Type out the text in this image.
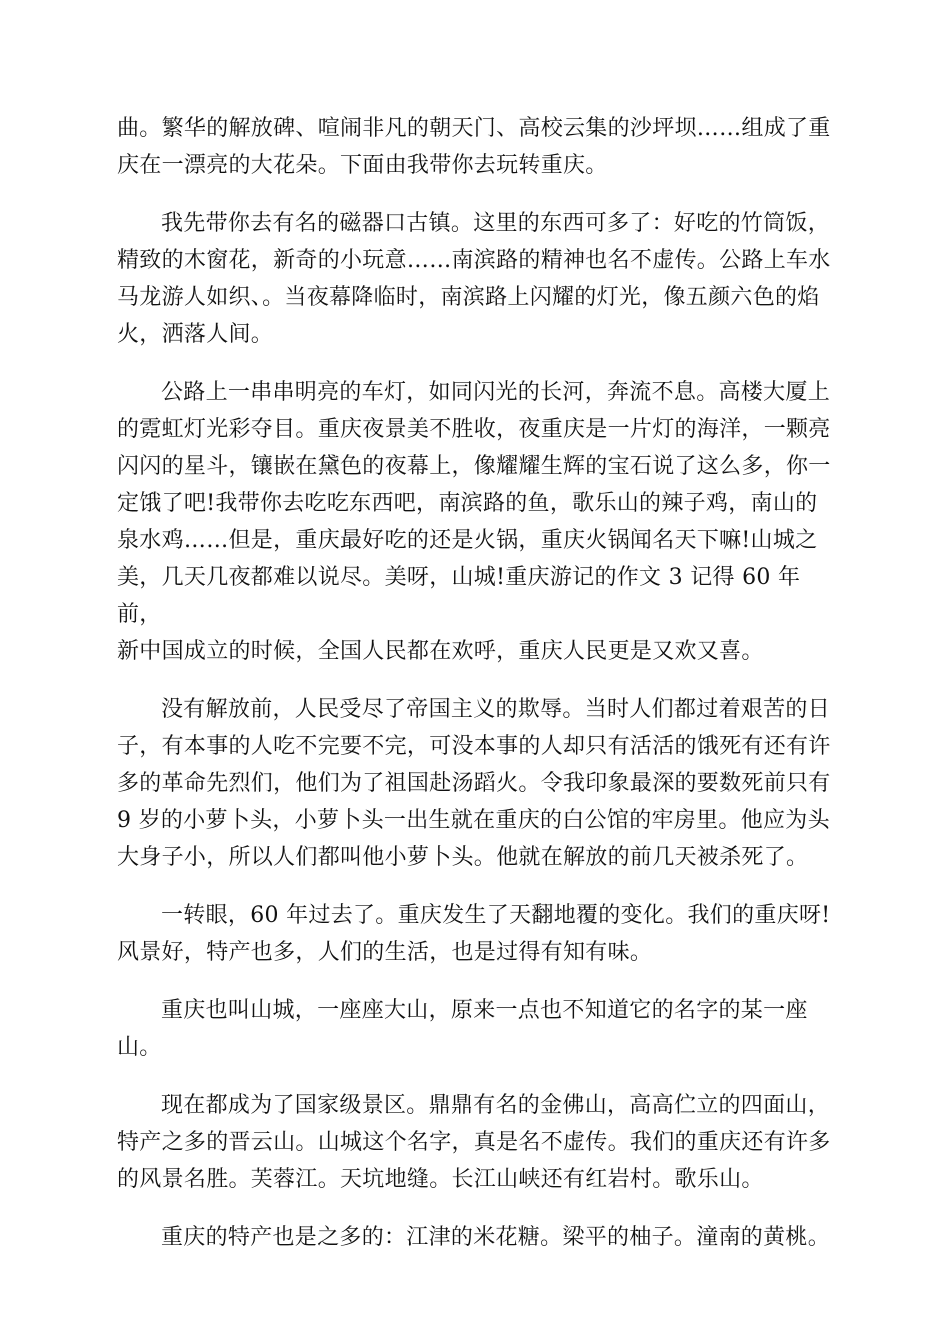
曲。繁华的解放碑、喧闹非凡的朝天门、高校云集的沙坪坝……组成了重
庆在一漂亮的大花朵。下面由我带你去玩转重庆。

我先带你去有名的磁器口古镇。这里的东西可多了：好吃的竹筒饭，
精致的木窗花，新奇的小玩意……南滨路的精神也名不虚传。公路上车水
马龙游人如织、。当夜幕降临时，南滨路上闪耀的灯光，像五颜六色的焰
火，洒落人间。

公路上一串串明亮的车灯，如同闪光的长河，奔流不息。高楼大厦上
的霓虹灯光彩夺目。重庆夜景美不胜收，夜重庆是一片灯的海洋，一颗亮
闪闪的星斗，镶嵌在黛色的夜幕上，像耀耀生辉的宝石说了这么多，你一
定饿了吧!我带你去吃吃东西吧，南滨路的鱼，歌乐山的辣子鸡，南山的
泉水鸡……但是，重庆最好吃的还是火锅，重庆火锅闻名天下嘛!山城之
美，几天几夜都难以说尽。美呀，山城!重庆游记的作文 3 记得 60 年前，
新中国成立的时候，全国人民都在欢呼，重庆人民更是又欢又喜。

没有解放前，人民受尽了帝国主义的欺辱。当时人们都过着艰苦的日
子，有本事的人吃不完要不完，可没本事的人却只有活活的饿死有还有许
多的革命先烈们，他们为了祖国赴汤蹈火。令我印象最深的要数死前只有
9 岁的小萝卜头，小萝卜头一出生就在重庆的白公馆的牢房里。他应为头
大身子小，所以人们都叫他小萝卜头。他就在解放的前几天被杀死了。

一转眼，60 年过去了。重庆发生了天翻地覆的变化。我们的重庆呀!
风景好，特产也多，人们的生活，也是过得有知有味。

重庆也叫山城，一座座大山，原来一点也不知道它的名字的某一座
山。

现在都成为了国家级景区。鼎鼎有名的金佛山，高高伫立的四面山，
特产之多的晋云山。山城这个名字，真是名不虚传。我们的重庆还有许多
的风景名胜。芙蓉江。天坑地缝。长江山峡还有红岩村。歌乐山。

重庆的特产也是之多的：江津的米花糖。梁平的柚子。潼南的黄桃。
